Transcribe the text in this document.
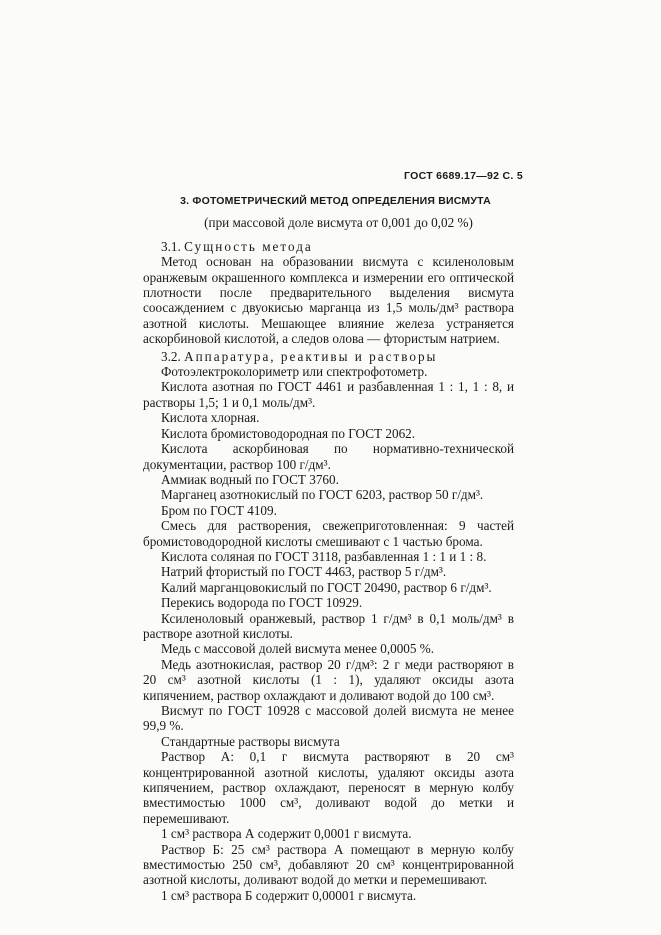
ГОСТ 6689.17—92 С. 5
3. ФОТОМЕТРИЧЕСКИЙ МЕТОД ОПРЕДЕЛЕНИЯ ВИСМУТА
(при массовой доле висмута от 0,001 до 0,02 %)
3.1. Сущность метода

Метод основан на образовании висмута с ксиленоловым оранжевым окрашенного комплекса и измерении его оптической плотности после предварительного выделения висмута соосаждением с двуокисью марганца из 1,5 моль/дм³ раствора азотной кислоты. Мешающее влияние железа устраняется аскорбиновой кислотой, а следов олова — фтористым натрием.

3.2. Аппаратура, реактивы и растворы

Фотоэлектроколориметр или спектрофотометр.

Кислота азотная по ГОСТ 4461 и разбавленная 1 : 1, 1 : 8, и растворы 1,5; 1 и 0,1 моль/дм³.

Кислота хлорная.

Кислота бромистоводородная по ГОСТ 2062.

Кислота аскорбиновая по нормативно-технической документации, раствор 100 г/дм³.

Аммиак водный по ГОСТ 3760.

Марганец азотнокислый по ГОСТ 6203, раствор 50 г/дм³.

Бром по ГОСТ 4109.

Смесь для растворения, свежеприготовленная: 9 частей бромистоводородной кислоты смешивают с 1 частью брома.

Кислота соляная по ГОСТ 3118, разбавленная 1 : 1 и 1 : 8.

Натрий фтористый по ГОСТ 4463, раствор 5 г/дм³.

Калий марганцовокислый по ГОСТ 20490, раствор 6 г/дм³.

Перекись водорода по ГОСТ 10929.

Ксиленоловый оранжевый, раствор 1 г/дм³ в 0,1 моль/дм³ в растворе азотной кислоты.

Медь с массовой долей висмута менее 0,0005 %.

Медь азотнокислая, раствор 20 г/дм³: 2 г меди растворяют в 20 см³ азотной кислоты (1 : 1), удаляют оксиды азота кипячением, раствор охлаждают и доливают водой до 100 см³.

Висмут по ГОСТ 10928 с массовой долей висмута не менее 99,9 %.

Стандартные растворы висмута

Раствор А: 0,1 г висмута растворяют в 20 см³ концентрированной азотной кислоты, удаляют оксиды азота кипячением, раствор охлаждают, переносят в мерную колбу вместимостью 1000 см³, доливают водой до метки и перемешивают.

1 см³ раствора А содержит 0,0001 г висмута.

Раствор Б: 25 см³ раствора А помещают в мерную колбу вместимостью 250 см³, добавляют 20 см³ концентрированной азотной кислоты, доливают водой до метки и перемешивают.

1 см³ раствора Б содержит 0,00001 г висмута.
